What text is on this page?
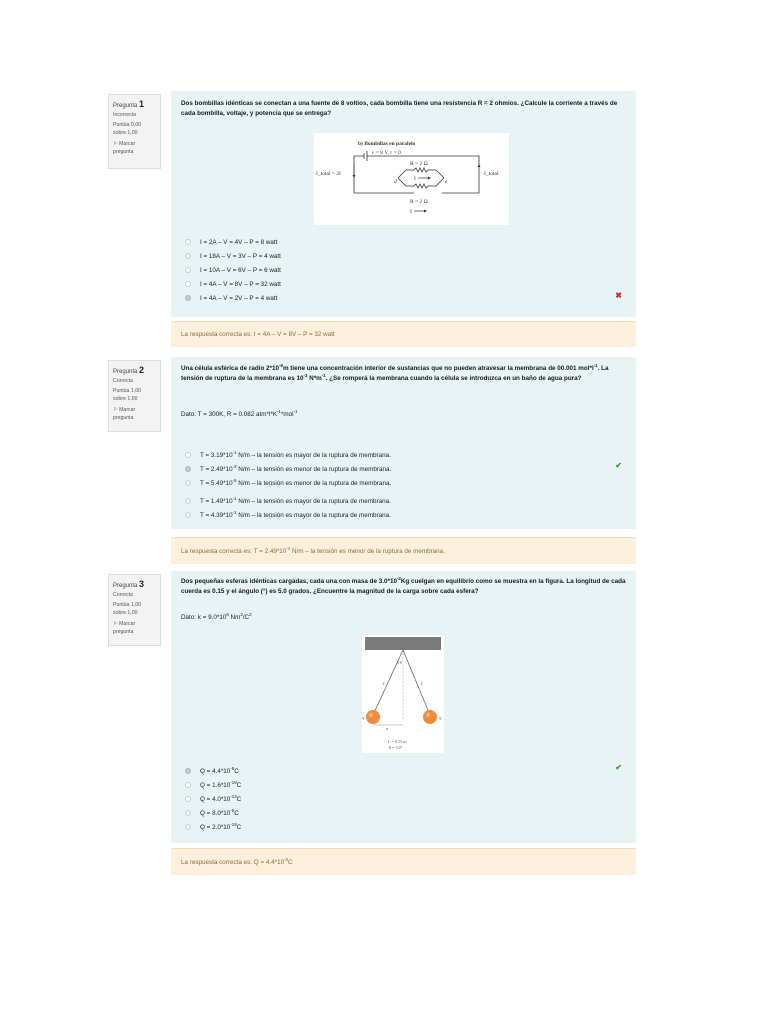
Pregunta 1
Incorrecta
Puntúa 0,00
sobre 1,00
⚐ Marcar pregunta
Dos bombillas idénticas se conectan a una fuente de 8 voltios, cada bombilla tiene una resistencia R = 2 ohmios. ¿Calcule la corriente a través de cada bombilla, voltaje, y potencia que se entrega?
b) Bombillas en paralelo
ε = 8 V, r = 0
R = 2 Ω
R = 2 Ω
d	e
I
I
I_total = 2I	I_total
I = 2A – V = 4V – P = 8 watt
I = 18A – V = 3V – P = 4 watt
I = 10A – V = 6V – P = 6 watt
I = 4A – V = 8V – P = 32 watt
I = 4A – V = 2V – P = 4 watt	✖
La respuesta correcta es: I = 4A – V = 8V – P = 32 watt
Pregunta 2
Correcta
Puntúa 1,00
sobre 1,00
⚐ Marcar pregunta
Una célula esférica de radio $2*10^{-6}m$ tiene una concentración interior de sustancias que no pueden atravesar la membrana de 00.001 $mol*l^{-1}$. La tensión de ruptura de la membrana es $10^{-3}$ $N*m^{-1}$. ¿Se romperá la membrana cuando la célula se introduzca en un baño de agua pura?
Dato: T = 300K, R = 0.082 $atm*l*K^{-1}*mol^{-1}$
$T = 3.19*10^{-1}$ N/m – la tensión es mayor de la ruptura de membrana.
$T = 2.49*10^{-3}$ N/m – la tensión es menor de la ruptura de membrana.
$T = 5.49*10^{-5}$ N/m – la tensión es menor de la ruptura de membrana.
$T = 1.49*10^{-1}$ N/m – la tensión es mayor de la ruptura de membrana.
$T = 4.39*10^{-1}$ N/m – la tensión es mayor de la ruptura de membrana.
✔
La respuesta correcta es: $T = 2.49*10^{-3}$ N/m – la tensión es menor de la ruptura de membrana.
Pregunta 3
Correcta
Puntúa 1,00
sobre 1,00
⚐ Marcar pregunta
Dos pequeñas esferas idénticas cargadas, cada una con masa de $3.0*10^{-2}Kg$ cuelgan en equilibrio como se muestra en la figura. La longitud de cada cuerda es 0.15 y el ángulo (°) es 5.0 grados. ¿Encuentre la magnitud de la carga sobre cada esfera?
Dato: $k = 9.0*10^9$ $Nm^2/C^2$
θ θ
L	L
q	q
a
L = 0.15 m
θ = 5.0°
$Q = 4.4*10^{-8}C$
$Q = 1.6*10^{-19}C$
$Q = 4.0*10^{-13}C$
$Q = 8.0*10^{-5}C$
$Q = 2.0*10^{-19}C$
✔
La respuesta correcta es: $Q = 4.4*10^{-8}C$
